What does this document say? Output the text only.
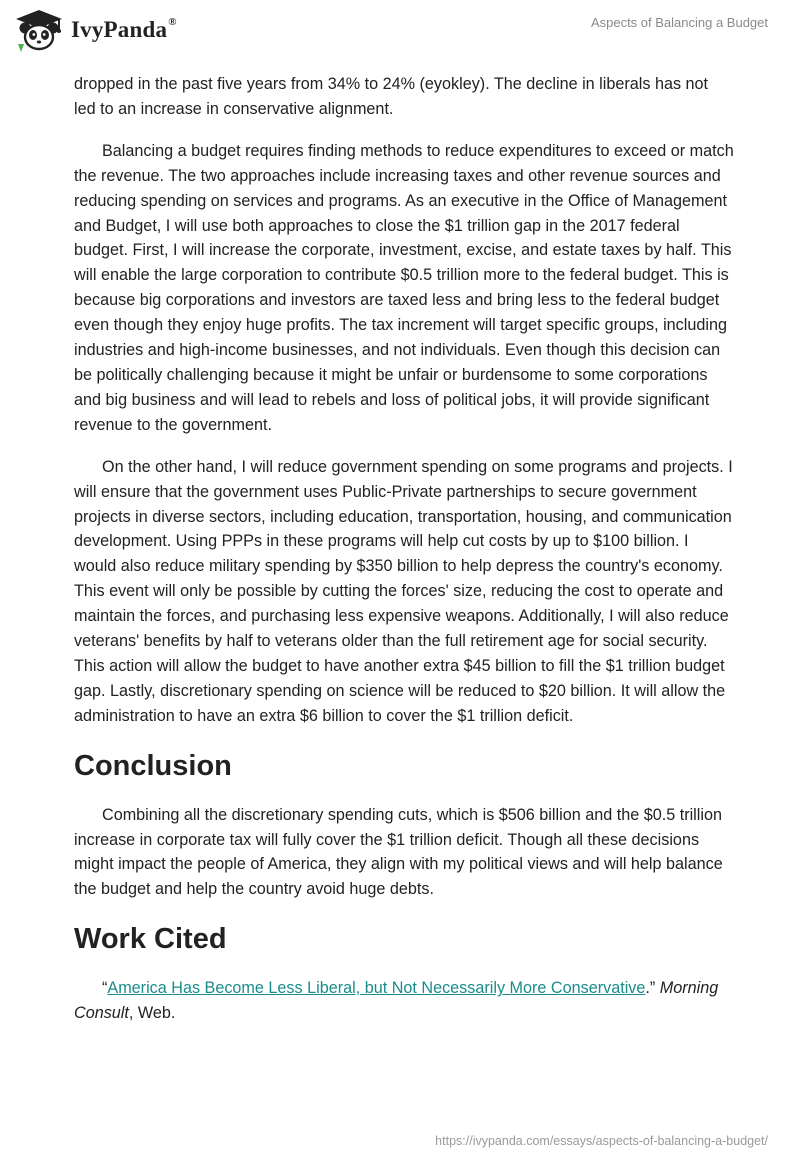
IvyPanda®	Aspects of Balancing a Budget

dropped in the past five years from 34% to 24% (eyokley). The decline in liberals has not led to an increase in conservative alignment.

Balancing a budget requires finding methods to reduce expenditures to exceed or match the revenue. The two approaches include increasing taxes and other revenue sources and reducing spending on services and programs. As an executive in the Office of Management and Budget, I will use both approaches to close the $1 trillion gap in the 2017 federal budget. First, I will increase the corporate, investment, excise, and estate taxes by half. This will enable the large corporation to contribute $0.5 trillion more to the federal budget. This is because big corporations and investors are taxed less and bring less to the federal budget even though they enjoy huge profits. The tax increment will target specific groups, including industries and high-income businesses, and not individuals. Even though this decision can be politically challenging because it might be unfair or burdensome to some corporations and big business and will lead to rebels and loss of political jobs, it will provide significant revenue to the government.

On the other hand, I will reduce government spending on some programs and projects. I will ensure that the government uses Public-Private partnerships to secure government projects in diverse sectors, including education, transportation, housing, and communication development. Using PPPs in these programs will help cut costs by up to $100 billion. I would also reduce military spending by $350 billion to help depress the country's economy. This event will only be possible by cutting the forces' size, reducing the cost to operate and maintain the forces, and purchasing less expensive weapons. Additionally, I will also reduce veterans' benefits by half to veterans older than the full retirement age for social security. This action will allow the budget to have another extra $45 billion to fill the $1 trillion budget gap. Lastly, discretionary spending on science will be reduced to $20 billion. It will allow the administration to have an extra $6 billion to cover the $1 trillion deficit.

Conclusion

Combining all the discretionary spending cuts, which is $506 billion and the $0.5 trillion increase in corporate tax will fully cover the $1 trillion deficit. Though all these decisions might impact the people of America, they align with my political views and will help balance the budget and help the country avoid huge debts.

Work Cited

“America Has Become Less Liberal, but Not Necessarily More Conservative.” Morning Consult, Web.

https://ivypanda.com/essays/aspects-of-balancing-a-budget/
